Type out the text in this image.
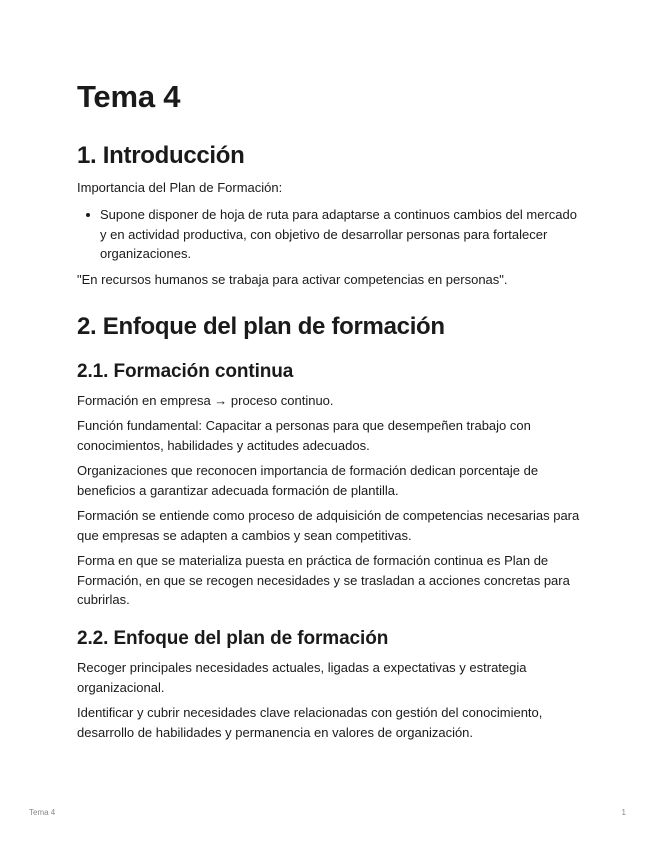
Tema 4
1. Introducción

Importancia del Plan de Formación:

Supone disponer de hoja de ruta para adaptarse a continuos cambios del mercado y en actividad productiva, con objetivo de desarrollar personas para fortalecer organizaciones.

"En recursos humanos se trabaja para activar competencias en personas".

2. Enfoque del plan de formación
2.1. Formación continua

Formación en empresa → proceso continuo.

Función fundamental: Capacitar a personas para que desempeñen trabajo con conocimientos, habilidades y actitudes adecuados.

Organizaciones que reconocen importancia de formación dedican porcentaje de beneficios a garantizar adecuada formación de plantilla.

Formación se entiende como proceso de adquisición de competencias necesarias para que empresas se adapten a cambios y sean competitivas.

Forma en que se materializa puesta en práctica de formación continua es Plan de Formación, en que se recogen necesidades y se trasladan a acciones concretas para cubrirlas.

2.2. Enfoque del plan de formación

Recoger principales necesidades actuales, ligadas a expectativas y estrategia organizacional.

Identificar y cubrir necesidades clave relacionadas con gestión del conocimiento, desarrollo de habilidades y permanencia en valores de organización.

Tema 4	1
